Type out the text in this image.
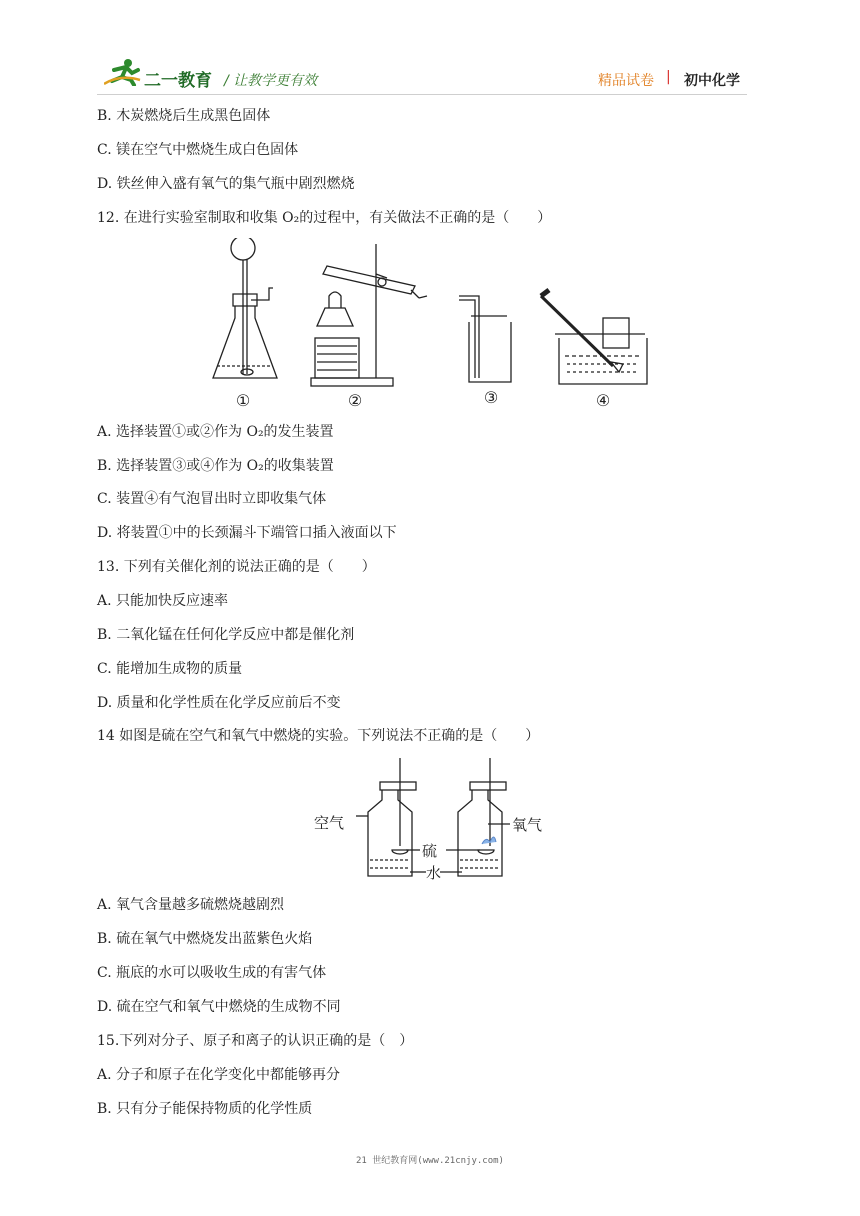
二一教育 / 让教学更有效	精品试卷 | 初中化学
B. 木炭燃烧后生成黑色固体
C. 镁在空气中燃烧生成白色固体
D. 铁丝伸入盛有氧气的集气瓶中剧烈燃烧
12. 在进行实验室制取和收集 O₂的过程中，有关做法不正确的是（　　）
①	②	③	④
A. 选择装置①或②作为 O₂的发生装置
B. 选择装置③或④作为 O₂的收集装置
C. 装置④有气泡冒出时立即收集气体
D. 将装置①中的长颈漏斗下端管口插入液面以下
13. 下列有关催化剂的说法正确的是（　　）
A. 只能加快反应速率
B. 二氧化锰在任何化学反应中都是催化剂
C. 能增加生成物的质量
D. 质量和化学性质在化学反应前后不变
14 如图是硫在空气和氧气中燃烧的实验。下列说法不正确的是（　　）
空气
硫
氧气
水
A. 氧气含量越多硫燃烧越剧烈
B. 硫在氧气中燃烧发出蓝紫色火焰
C. 瓶底的水可以吸收生成的有害气体
D. 硫在空气和氧气中燃烧的生成物不同
15.下列对分子、原子和离子的认识正确的是（　）
A. 分子和原子在化学变化中都能够再分
B. 只有分子能保持物质的化学性质
21 世纪教育网(www.21cnjy.com)
